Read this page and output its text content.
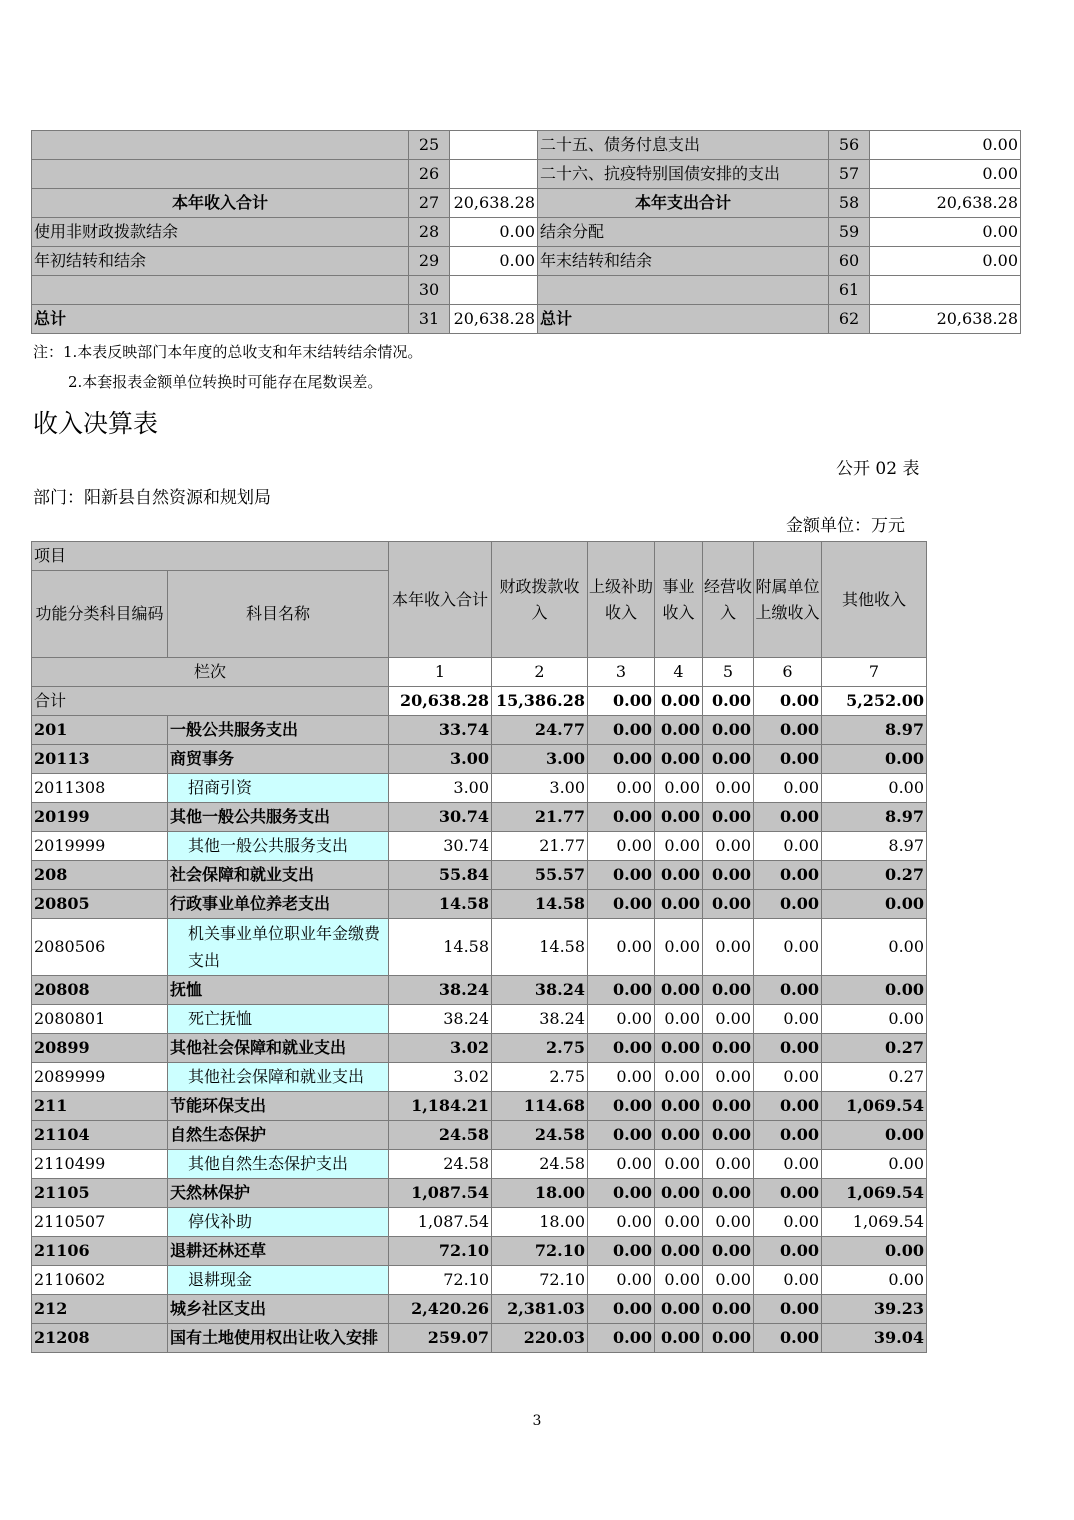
	25		二十五、债务付息支出	56	0.00
	26		二十六、抗疫特别国债安排的支出	57	0.00
本年收入合计	27	20,638.28	本年支出合计	58	20,638.28
使用非财政拨款结余	28	0.00	结余分配	59	0.00
年初结转和结余	29	0.00	年末结转和结余	60	0.00
	30			61	
总计	31	20,638.28	总计	62	20,638.28
注：1.本表反映部门本年度的总收支和年末结转结余情况。
2.本套报表金额单位转换时可能存在尾数误差。
收入决算表
公开 02 表
部门：阳新县自然资源和规划局
金额单位：万元
项目		本年收入合计	财政拨款收入	上级补助收入	事业收入	经营收入	附属单位上缴收入	其他收入
功能分类科目编码	科目名称							
栏次		1	2	3	4	5	6	7
合计		20,638.28	15,386.28	0.00	0.00	0.00	0.00	5,252.00
201	一般公共服务支出	33.74	24.77	0.00	0.00	0.00	0.00	8.97
20113	商贸事务	3.00	3.00	0.00	0.00	0.00	0.00	0.00
2011308	招商引资	3.00	3.00	0.00	0.00	0.00	0.00	0.00
20199	其他一般公共服务支出	30.74	21.77	0.00	0.00	0.00	0.00	8.97
2019999	其他一般公共服务支出	30.74	21.77	0.00	0.00	0.00	0.00	8.97
208	社会保障和就业支出	55.84	55.57	0.00	0.00	0.00	0.00	0.27
20805	行政事业单位养老支出	14.58	14.58	0.00	0.00	0.00	0.00	0.00
2080506	机关事业单位职业年金缴费支出	14.58	14.58	0.00	0.00	0.00	0.00	0.00
20808	抚恤	38.24	38.24	0.00	0.00	0.00	0.00	0.00
2080801	死亡抚恤	38.24	38.24	0.00	0.00	0.00	0.00	0.00
20899	其他社会保障和就业支出	3.02	2.75	0.00	0.00	0.00	0.00	0.27
2089999	其他社会保障和就业支出	3.02	2.75	0.00	0.00	0.00	0.00	0.27
211	节能环保支出	1,184.21	114.68	0.00	0.00	0.00	0.00	1,069.54
21104	自然生态保护	24.58	24.58	0.00	0.00	0.00	0.00	0.00
2110499	其他自然生态保护支出	24.58	24.58	0.00	0.00	0.00	0.00	0.00
21105	天然林保护	1,087.54	18.00	0.00	0.00	0.00	0.00	1,069.54
2110507	停伐补助	1,087.54	18.00	0.00	0.00	0.00	0.00	1,069.54
21106	退耕还林还草	72.10	72.10	0.00	0.00	0.00	0.00	0.00
2110602	退耕现金	72.10	72.10	0.00	0.00	0.00	0.00	0.00
212	城乡社区支出	2,420.26	2,381.03	0.00	0.00	0.00	0.00	39.23
21208	国有土地使用权出让收入安排	259.07	220.03	0.00	0.00	0.00	0.00	39.04
3
